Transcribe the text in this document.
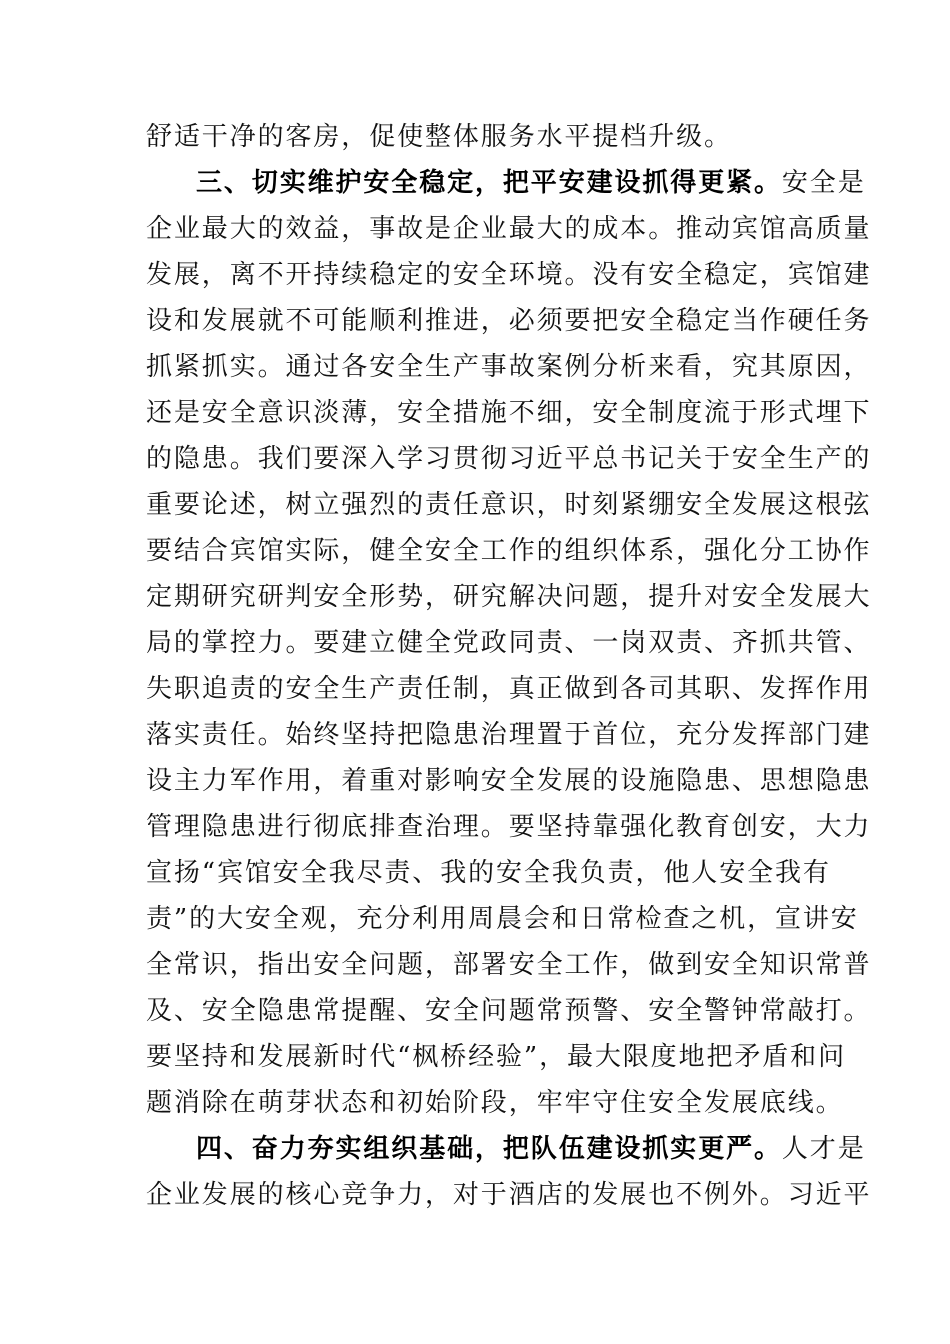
舒适干净的客房，促使整体服务水平提档升级。
三、切实维护安全稳定，把平安建设抓得更紧。安全是
企业最大的效益，事故是企业最大的成本。推动宾馆高质量
发展，离不开持续稳定的安全环境。没有安全稳定，宾馆建
设和发展就不可能顺利推进，必须要把安全稳定当作硬任务
抓紧抓实。通过各安全生产事故案例分析来看，究其原因，
还是安全意识淡薄，安全措施不细，安全制度流于形式埋下
的隐患。我们要深入学习贯彻习近平总书记关于安全生产的
重要论述，树立强烈的责任意识，时刻紧绷安全发展这根弦
要结合宾馆实际，健全安全工作的组织体系，强化分工协作
定期研究研判安全形势，研究解决问题，提升对安全发展大
局的掌控力。要建立健全党政同责、一岗双责、齐抓共管、
失职追责的安全生产责任制，真正做到各司其职、发挥作用
落实责任。始终坚持把隐患治理置于首位，充分发挥部门建
设主力军作用，着重对影响安全发展的设施隐患、思想隐患
管理隐患进行彻底排查治理。要坚持靠强化教育创安，大力
宣扬“宾馆安全我尽责、我的安全我负责，他人安全我有
责”的大安全观，充分利用周晨会和日常检查之机，宣讲安
全常识，指出安全问题，部署安全工作，做到安全知识常普
及、安全隐患常提醒、安全问题常预警、安全警钟常敲打。
要坚持和发展新时代“枫桥经验”，最大限度地把矛盾和问
题消除在萌芽状态和初始阶段，牢牢守住安全发展底线。
四、奋力夯实组织基础，把队伍建设抓实更严。人才是
企业发展的核心竞争力，对于酒店的发展也不例外。习近平
